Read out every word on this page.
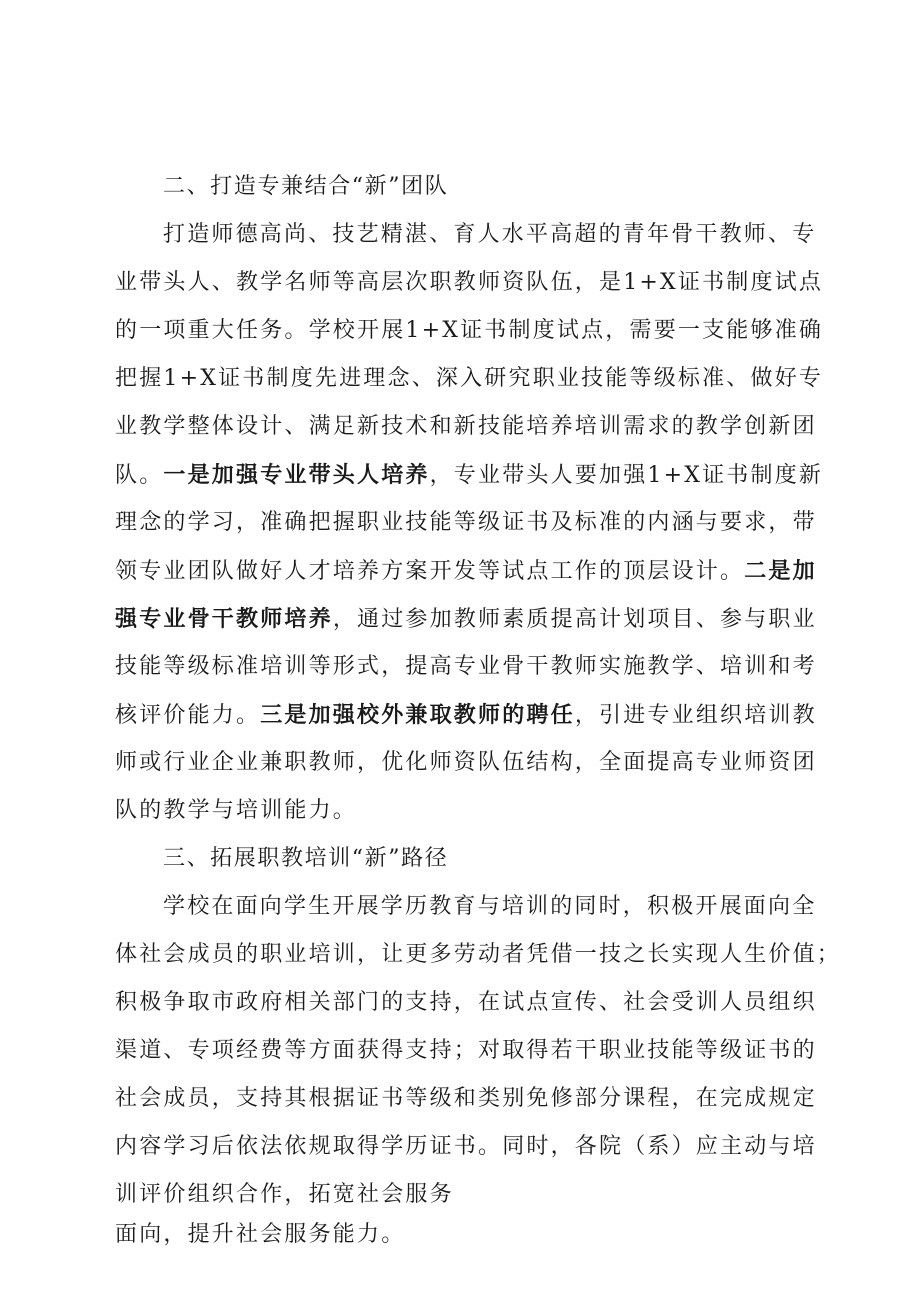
二、打造专兼结合“新”团队
打造师德高尚、技艺精湛、育人水平高超的青年骨干教师、专
业带头人、教学名师等高层次职教师资队伍，是1+X证书制度试点
的一项重大任务。学校开展1+X证书制度试点，需要一支能够准确
把握1+X证书制度先进理念、深入研究职业技能等级标准、做好专
业教学整体设计、满足新技术和新技能培养培训需求的教学创新团
队。一是加强专业带头人培养，专业带头人要加强1+X证书制度新
理念的学习，准确把握职业技能等级证书及标准的内涵与要求，带
领专业团队做好人才培养方案开发等试点工作的顶层设计。二是加
强专业骨干教师培养，通过参加教师素质提高计划项目、参与职业
技能等级标准培训等形式，提高专业骨干教师实施教学、培训和考
核评价能力。三是加强校外兼取教师的聘任，引进专业组织培训教
师或行业企业兼职教师，优化师资队伍结构，全面提高专业师资团
队的教学与培训能力。
三、拓展职教培训“新”路径
学校在面向学生开展学历教育与培训的同时，积极开展面向全
体社会成员的职业培训，让更多劳动者凭借一技之长实现人生价值；
积极争取市政府相关部门的支持，在试点宣传、社会受训人员组织
渠道、专项经费等方面获得支持；对取得若干职业技能等级证书的
社会成员，支持其根据证书等级和类别免修部分课程，在完成规定
内容学习后依法依规取得学历证书。同时，各院（系）应主动与培
训评价组织合作，拓宽社会服务
面向，提升社会服务能力。
